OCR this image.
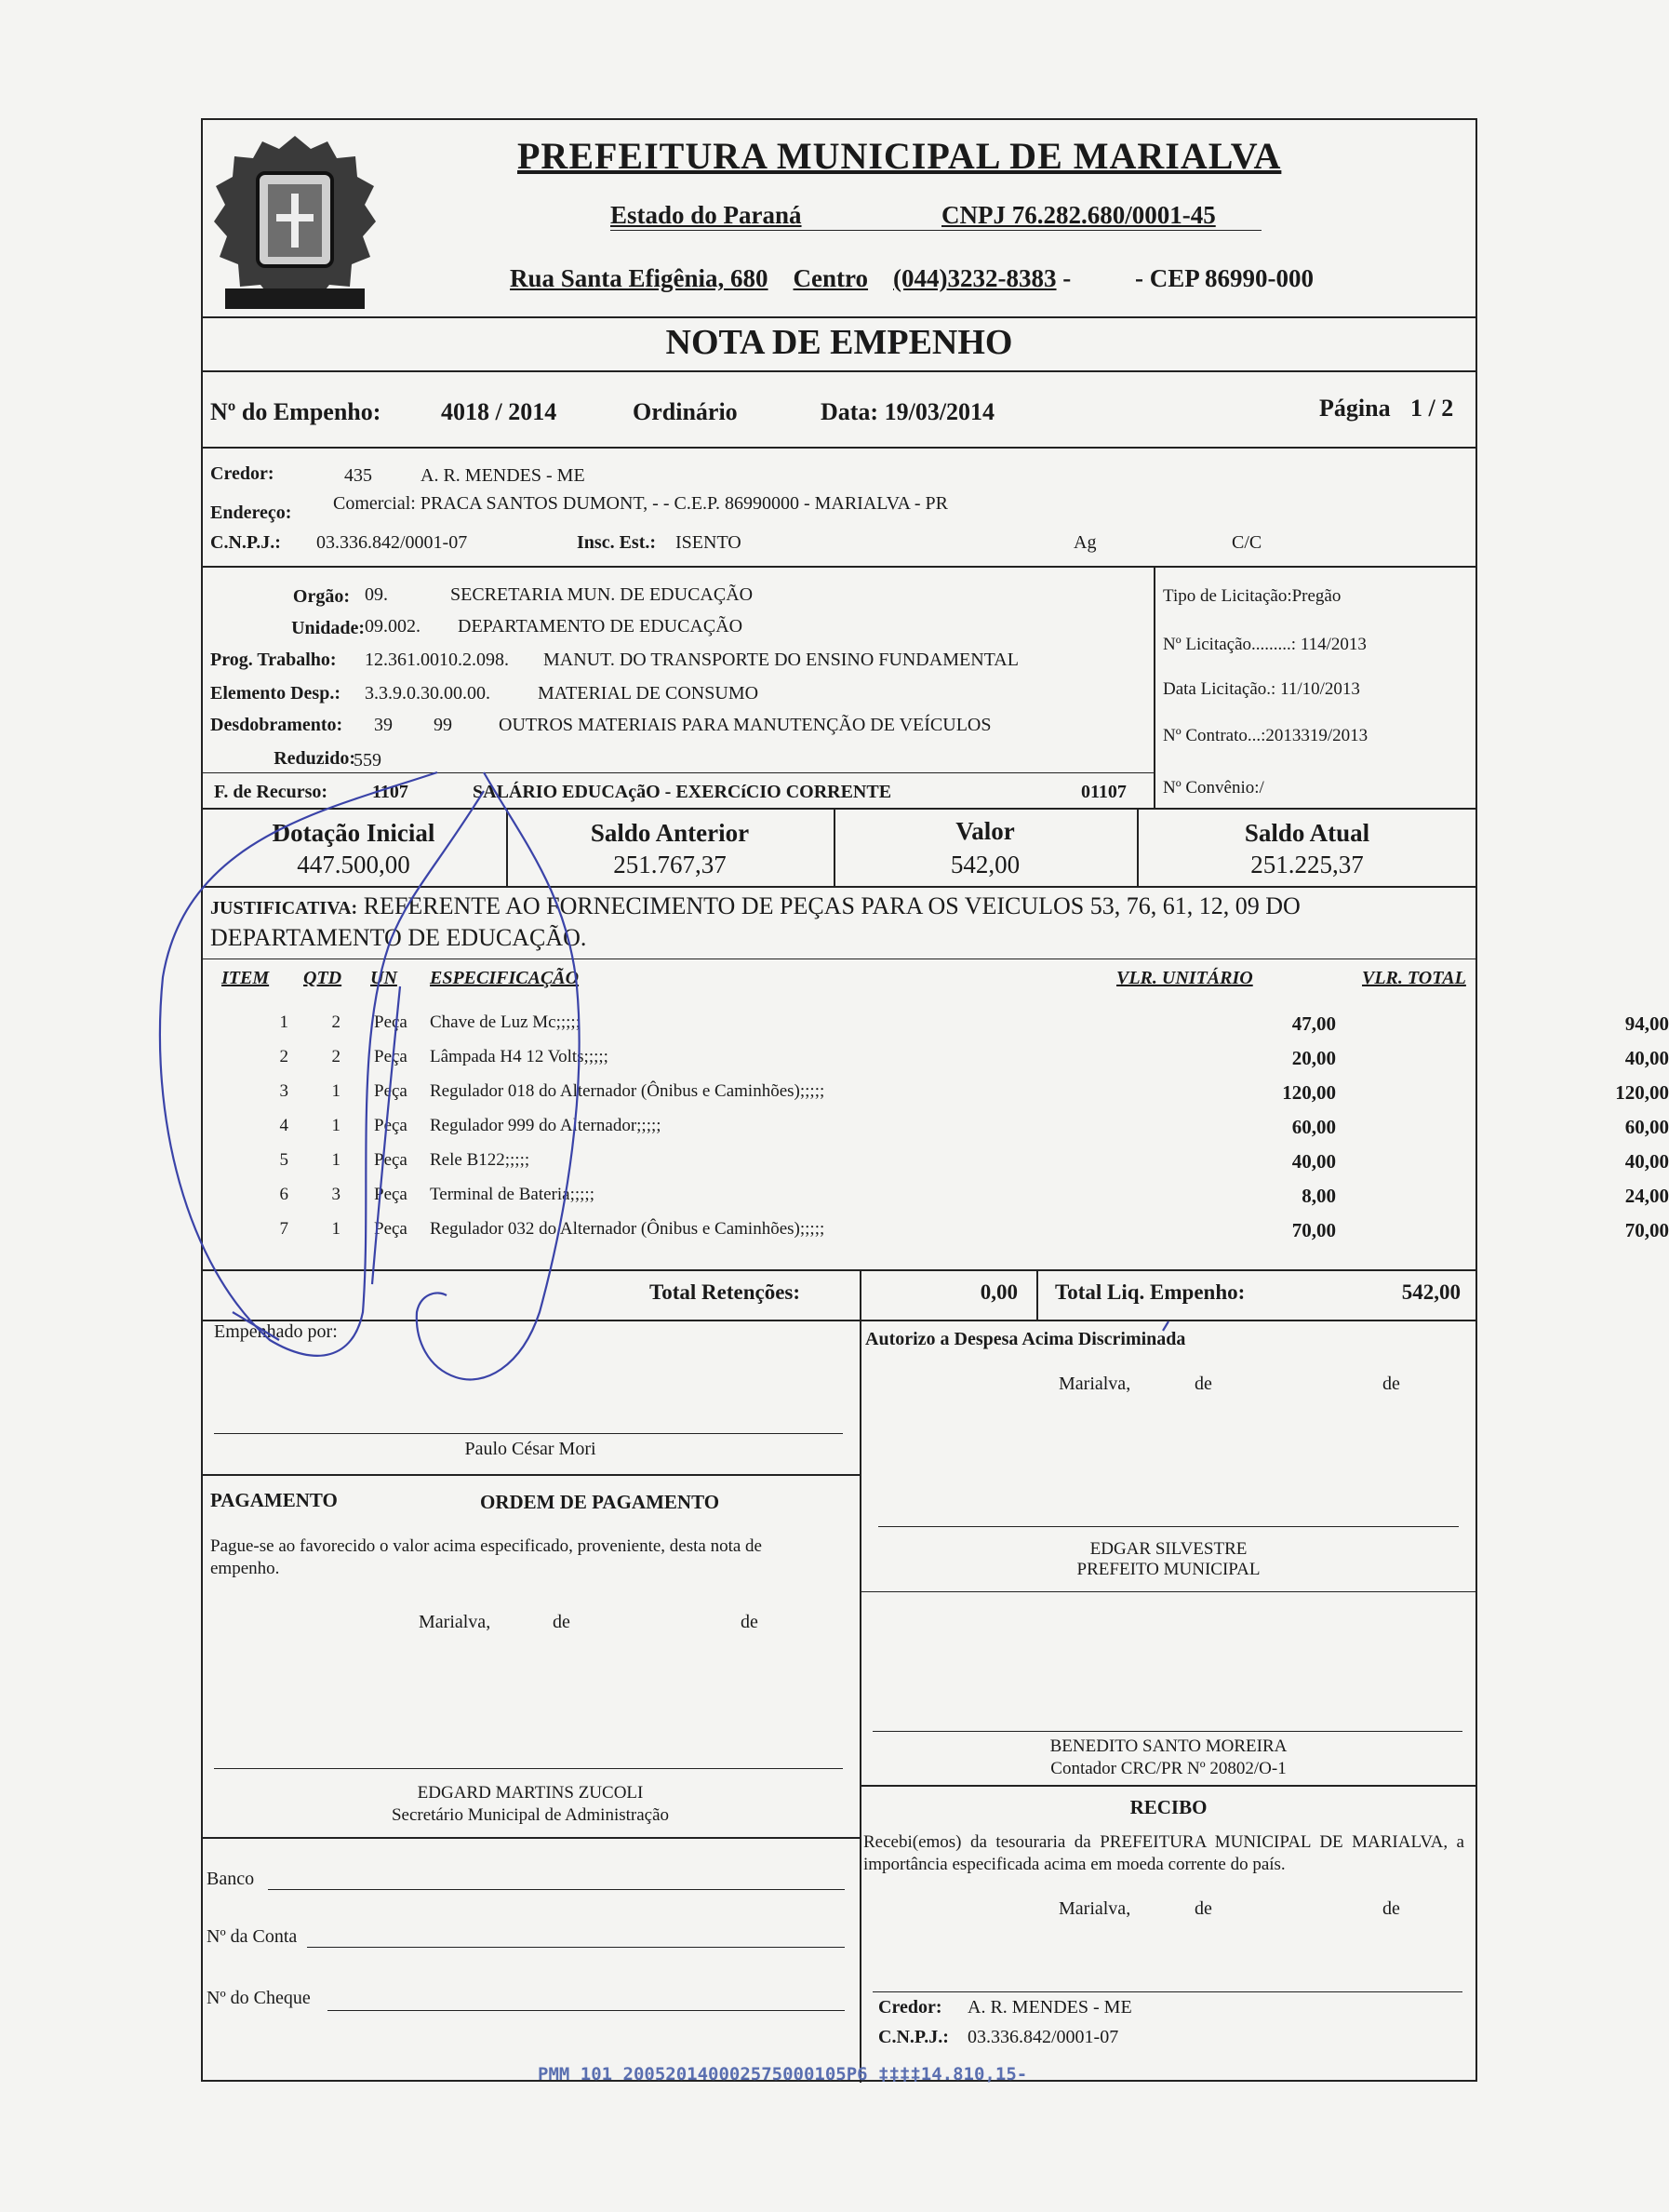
PREFEITURA MUNICIPAL DE MARIALVA
Estado do Paraná	CNPJ 76.282.680/0001-45
Rua Santa Efigênia, 680 Centro (044)3232-8383 -	- CEP 86990-000
NOTA DE EMPENHO
Nº do Empenho: 4018 / 2014	Ordinário	Data: 19/03/2014	Página 1 / 2
Credor:	435	A. R. MENDES - ME
Endereço: Comercial: PRACA SANTOS DUMONT, - - C.E.P. 86990000 - MARIALVA - PR
C.N.P.J.: 03.336.842/0001-07	Insc. Est.: ISENTO	Ag	C/C
Orgão: 09.	SECRETARIA MUN. DE EDUCAÇÃO
Unidade: 09.002. DEPARTAMENTO DE EDUCAÇÃO
Prog. Trabalho: 12.361.0010.2.098. MANUT. DO TRANSPORTE DO ENSINO FUNDAMENTAL
Elemento Desp.: 3.3.9.0.30.00.00.	MATERIAL DE CONSUMO
Desdobramento: 39 99	OUTROS MATERIAIS PARA MANUTENÇÃO DE VEÍCULOS
Reduzido:
559
F. de Recurso: 1107	SALÁRIO EDUCAçãO - EXERCíCIO CORRENTE	01107
Tipo de Licitação:Pregão
Nº Licitação.........: 114/2013
Data Licitação.: 11/10/2013
Nº Contrato...:2013319/2013
Nº Convênio:/
Dotação Inicial
447.500,00
Saldo Anterior
251.767,37
Valor
542,00
Saldo Atual
251.225,37
JUSTIFICATIVA: REFERENTE AO FORNECIMENTO DE PEÇAS PARA OS VEICULOS 53, 76, 61, 12, 09 DO
DEPARTAMENTO DE EDUCAÇÃO.
ITEM QTD UN ESPECIFICAÇÃO	VLR. UNITÁRIO	VLR. TOTAL
1	2 Peça	Chave de Luz Mc;;;;;	47,00	94,00
2	2 Peça	Lâmpada H4 12 Volts;;;;;	20,00	40,00
3	1 Peça	Regulador 018 do Alternador (Ônibus e Caminhões);;;;;	120,00	120,00
4	1 Peça	Regulador 999 do Alternador;;;;;	60,00	60,00
5	1 Peça	Rele B122;;;;;	40,00	40,00
6	3 Peça	Terminal de Bateria;;;;;	8,00	24,00
7	1 Peça	Regulador 032 do Alternador (Ônibus e Caminhões);;;;;	70,00	70,00
Total Retenções:	0,00 Total Liq. Empenho:	542,00
Empenhado por:
Paulo César Mori
Autorizo a Despesa Acima Discriminada
Marialva,	de	de
EDGAR SILVESTRE
PREFEITO MUNICIPAL
PAGAMENTO	ORDEM DE PAGAMENTO
Pague-se ao favorecido o valor acima especificado, proveniente, desta nota de empenho.
Marialva,	de	de
EDGARD MARTINS ZUCOLI
Secretário Municipal de Administração
BENEDITO SANTO MOREIRA
Contador CRC/PR Nº 20802/O-1
RECIBO
Recebi(emos) da tesouraria da PREFEITURA MUNICIPAL DE MARIALVA, a importância especificada acima em moeda corrente do país.
Marialva,	de	de
Credor: A. R. MENDES - ME
C.N.P.J.: 03.336.842/0001-07
Banco
Nº da Conta
Nº do Cheque
PMM 101 200520140002575000105P6 ‡‡‡‡14.810,15-
